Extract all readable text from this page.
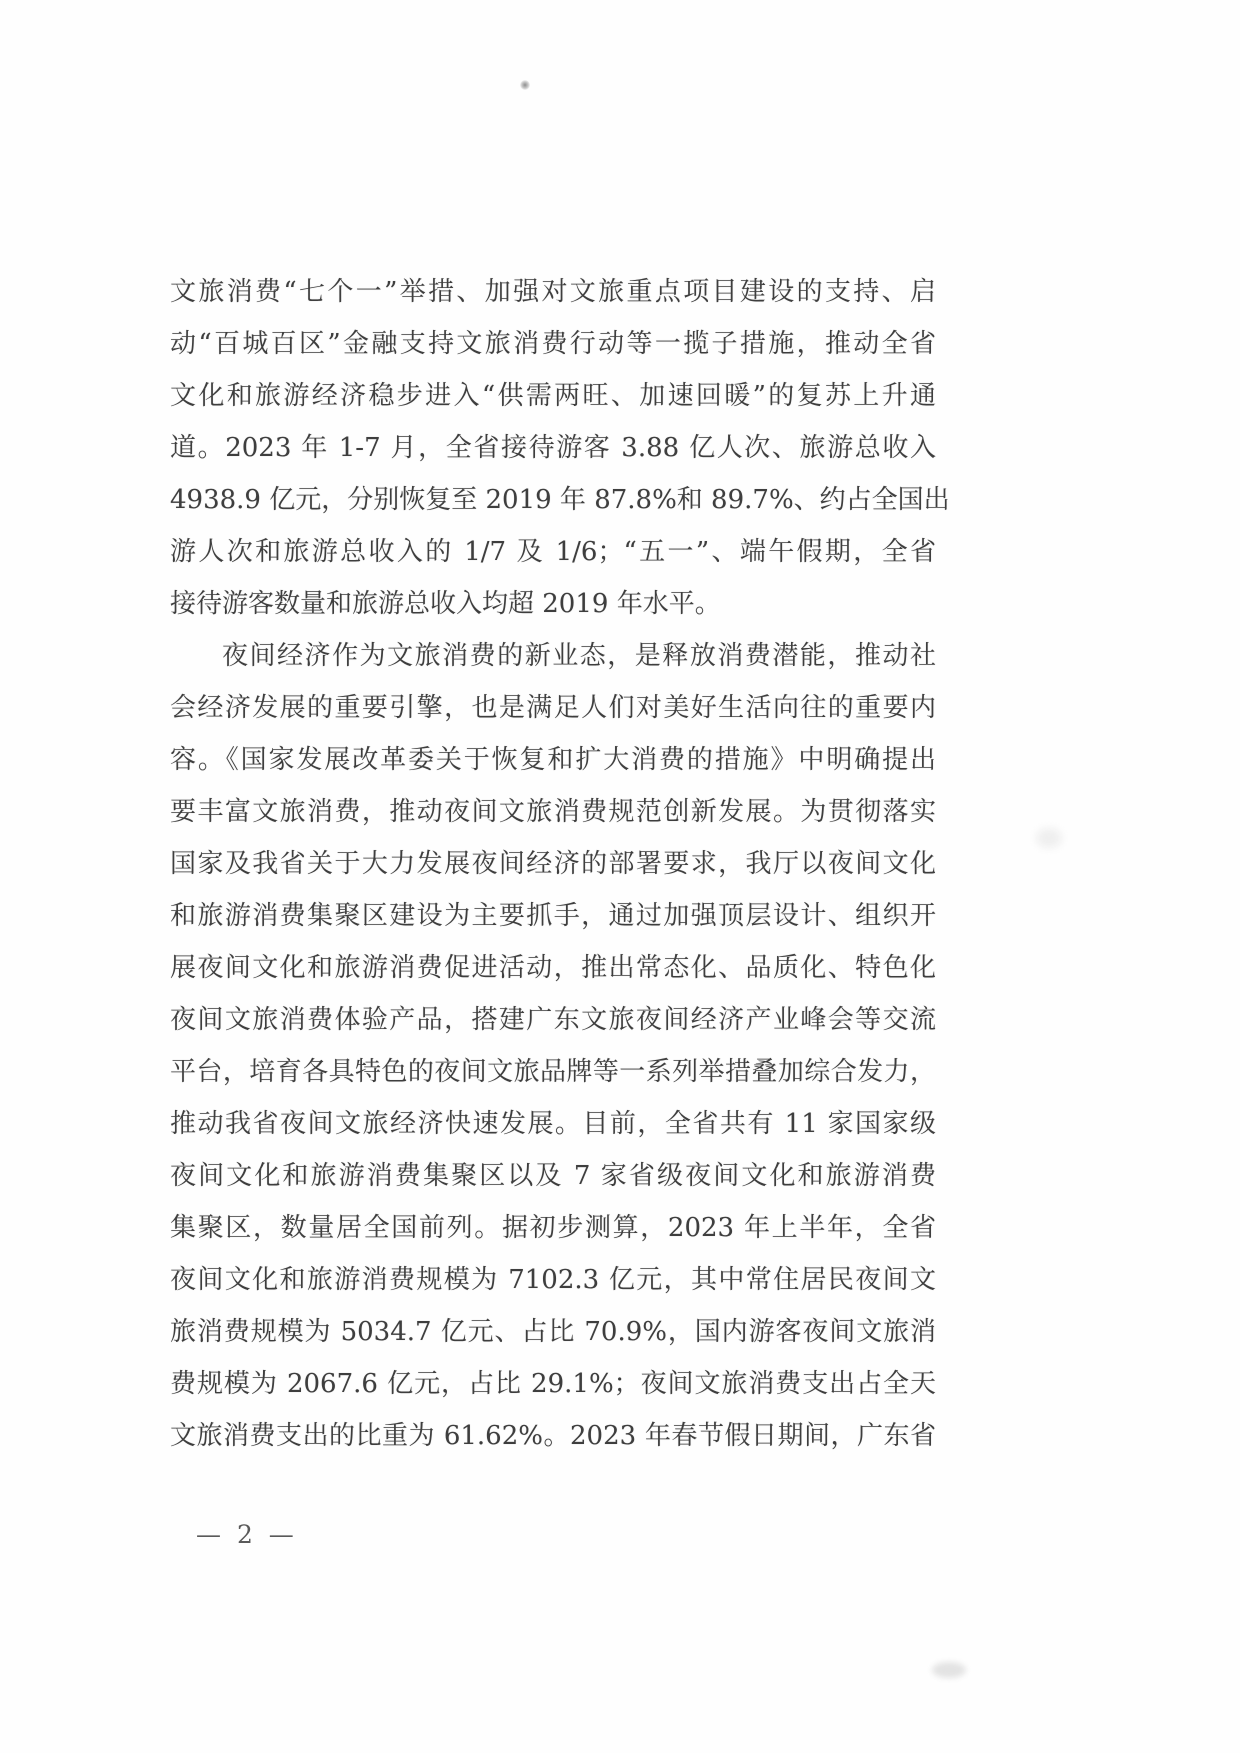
文旅消费“七个一”举措、加强对文旅重点项目建设的支持、启
动“百城百区”金融支持文旅消费行动等一揽子措施，推动全省
文化和旅游经济稳步进入“供需两旺、加速回暖”的复苏上升通
道。2023 年 1-7 月，全省接待游客 3.88 亿人次、旅游总收入
4938.9 亿元，分别恢复至 2019 年 87.8%和 89.7%、约占全国出
游人次和旅游总收入的 1/7 及 1/6；“五一”、端午假期，全省
接待游客数量和旅游总收入均超 2019 年水平。
夜间经济作为文旅消费的新业态，是释放消费潜能，推动社
会经济发展的重要引擎，也是满足人们对美好生活向往的重要内
容。《国家发展改革委关于恢复和扩大消费的措施》中明确提出
要丰富文旅消费，推动夜间文旅消费规范创新发展。为贯彻落实
国家及我省关于大力发展夜间经济的部署要求，我厅以夜间文化
和旅游消费集聚区建设为主要抓手，通过加强顶层设计、组织开
展夜间文化和旅游消费促进活动，推出常态化、品质化、特色化
夜间文旅消费体验产品，搭建广东文旅夜间经济产业峰会等交流
平台，培育各具特色的夜间文旅品牌等一系列举措叠加综合发力，
推动我省夜间文旅经济快速发展。目前，全省共有 11 家国家级
夜间文化和旅游消费集聚区以及 7 家省级夜间文化和旅游消费
集聚区，数量居全国前列。据初步测算，2023 年上半年，全省
夜间文化和旅游消费规模为 7102.3 亿元，其中常住居民夜间文
旅消费规模为 5034.7 亿元、占比 70.9%，国内游客夜间文旅消
费规模为 2067.6 亿元，占比 29.1%；夜间文旅消费支出占全天
文旅消费支出的比重为 61.62%。2023 年春节假日期间，广东省
— 2 —
